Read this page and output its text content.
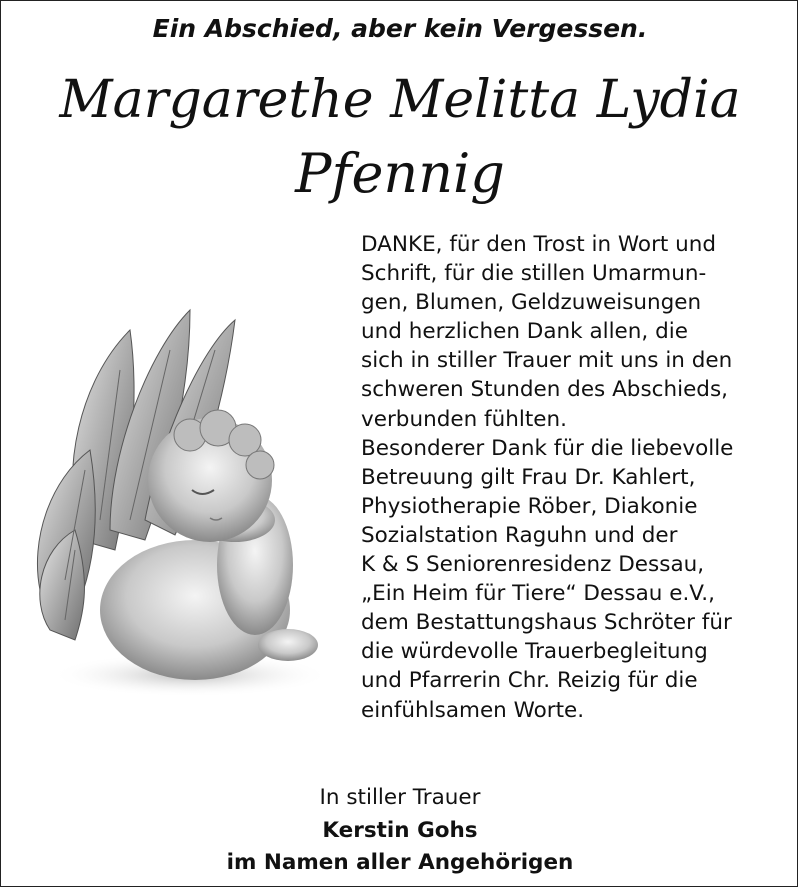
Ein Abschied, aber kein Vergessen.
Margarethe Melitta Lydia
Pfennig
DANKE, für den Trost in Wort und
Schrift, für die stillen Umarmun-
gen, Blumen, Geldzuweisungen
und herzlichen Dank allen, die
sich in stiller Trauer mit uns in den
schweren Stunden des Abschieds,
verbunden fühlten.
Besonderer Dank für die liebevolle
Betreuung gilt Frau Dr. Kahlert,
Physiotherapie Röber, Diakonie
Sozialstation Raguhn und der
K & S Seniorenresidenz Dessau,
„Ein Heim für Tiere“ Dessau e.V.,
dem Bestattungshaus Schröter für
die würdevolle Trauerbegleitung
und Pfarrerin Chr. Reizig für die
einfühlsamen Worte.
In stiller Trauer
Kerstin Gohs
im Namen aller Angehörigen
